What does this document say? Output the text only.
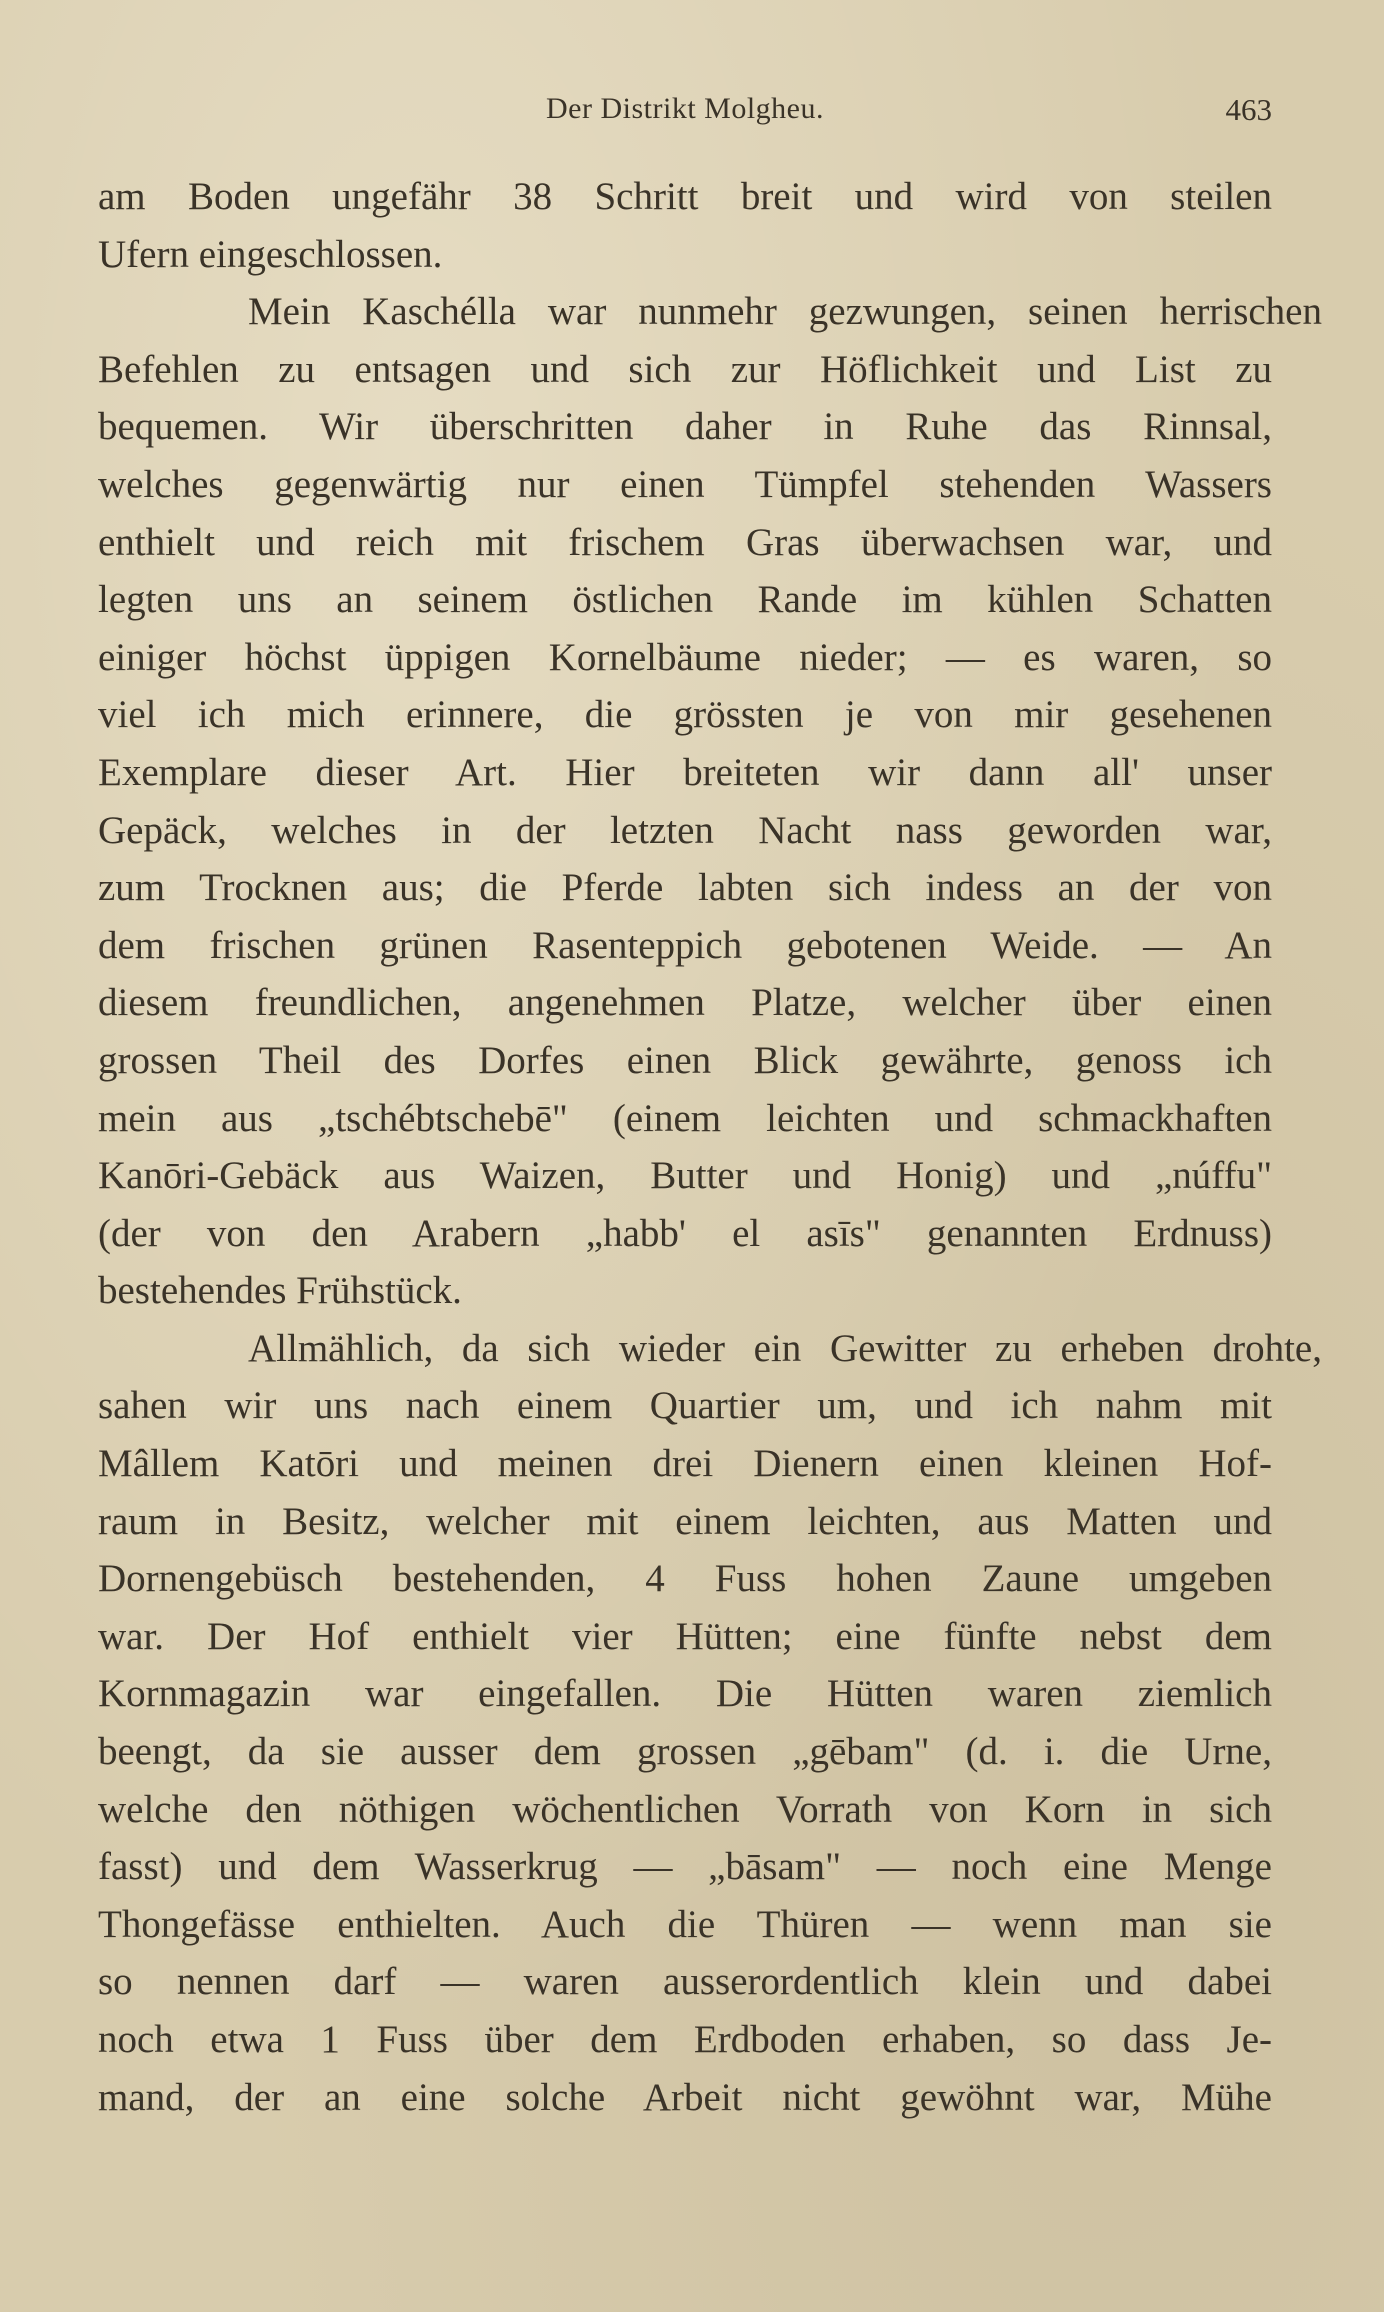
Der Distrikt Molgheu.	463

am Boden ungefähr 38 Schritt breit und wird von steilen
Ufern eingeschlossen.

Mein Kaschélla war nunmehr gezwungen, seinen herrischen
Befehlen zu entsagen und sich zur Höflichkeit und List zu
bequemen. Wir überschritten daher in Ruhe das Rinnsal,
welches gegenwärtig nur einen Tümpfel stehenden Wassers
enthielt und reich mit frischem Gras überwachsen war, und
legten uns an seinem östlichen Rande im kühlen Schatten
einiger höchst üppigen Kornelbäume nieder; — es waren, so
viel ich mich erinnere, die grössten je von mir gesehenen
Exemplare dieser Art. Hier breiteten wir dann all' unser
Gepäck, welches in der letzten Nacht nass geworden war,
zum Trocknen aus; die Pferde labten sich indess an der von
dem frischen grünen Rasenteppich gebotenen Weide. — An
diesem freundlichen, angenehmen Platze, welcher über einen
grossen Theil des Dorfes einen Blick gewährte, genoss ich
mein aus „tschébtschebē" (einem leichten und schmackhaften
Kanōri-Gebäck aus Waizen, Butter und Honig) und „núffu"
(der von den Arabern „habb' el asīs" genannten Erdnuss)
bestehendes Frühstück.

Allmählich, da sich wieder ein Gewitter zu erheben drohte,
sahen wir uns nach einem Quartier um, und ich nahm mit
Mâllem Katōri und meinen drei Dienern einen kleinen Hof-
raum in Besitz, welcher mit einem leichten, aus Matten und
Dornengebüsch bestehenden, 4 Fuss hohen Zaune umgeben
war. Der Hof enthielt vier Hütten; eine fünfte nebst dem
Kornmagazin war eingefallen. Die Hütten waren ziemlich
beengt, da sie ausser dem grossen „gēbam" (d. i. die Urne,
welche den nöthigen wöchentlichen Vorrath von Korn in sich
fasst) und dem Wasserkrug — „bāsam" — noch eine Menge
Thongefässe enthielten. Auch die Thüren — wenn man sie
so nennen darf — waren ausserordentlich klein und dabei
noch etwa 1 Fuss über dem Erdboden erhaben, so dass Je-
mand, der an eine solche Arbeit nicht gewöhnt war, Mühe
